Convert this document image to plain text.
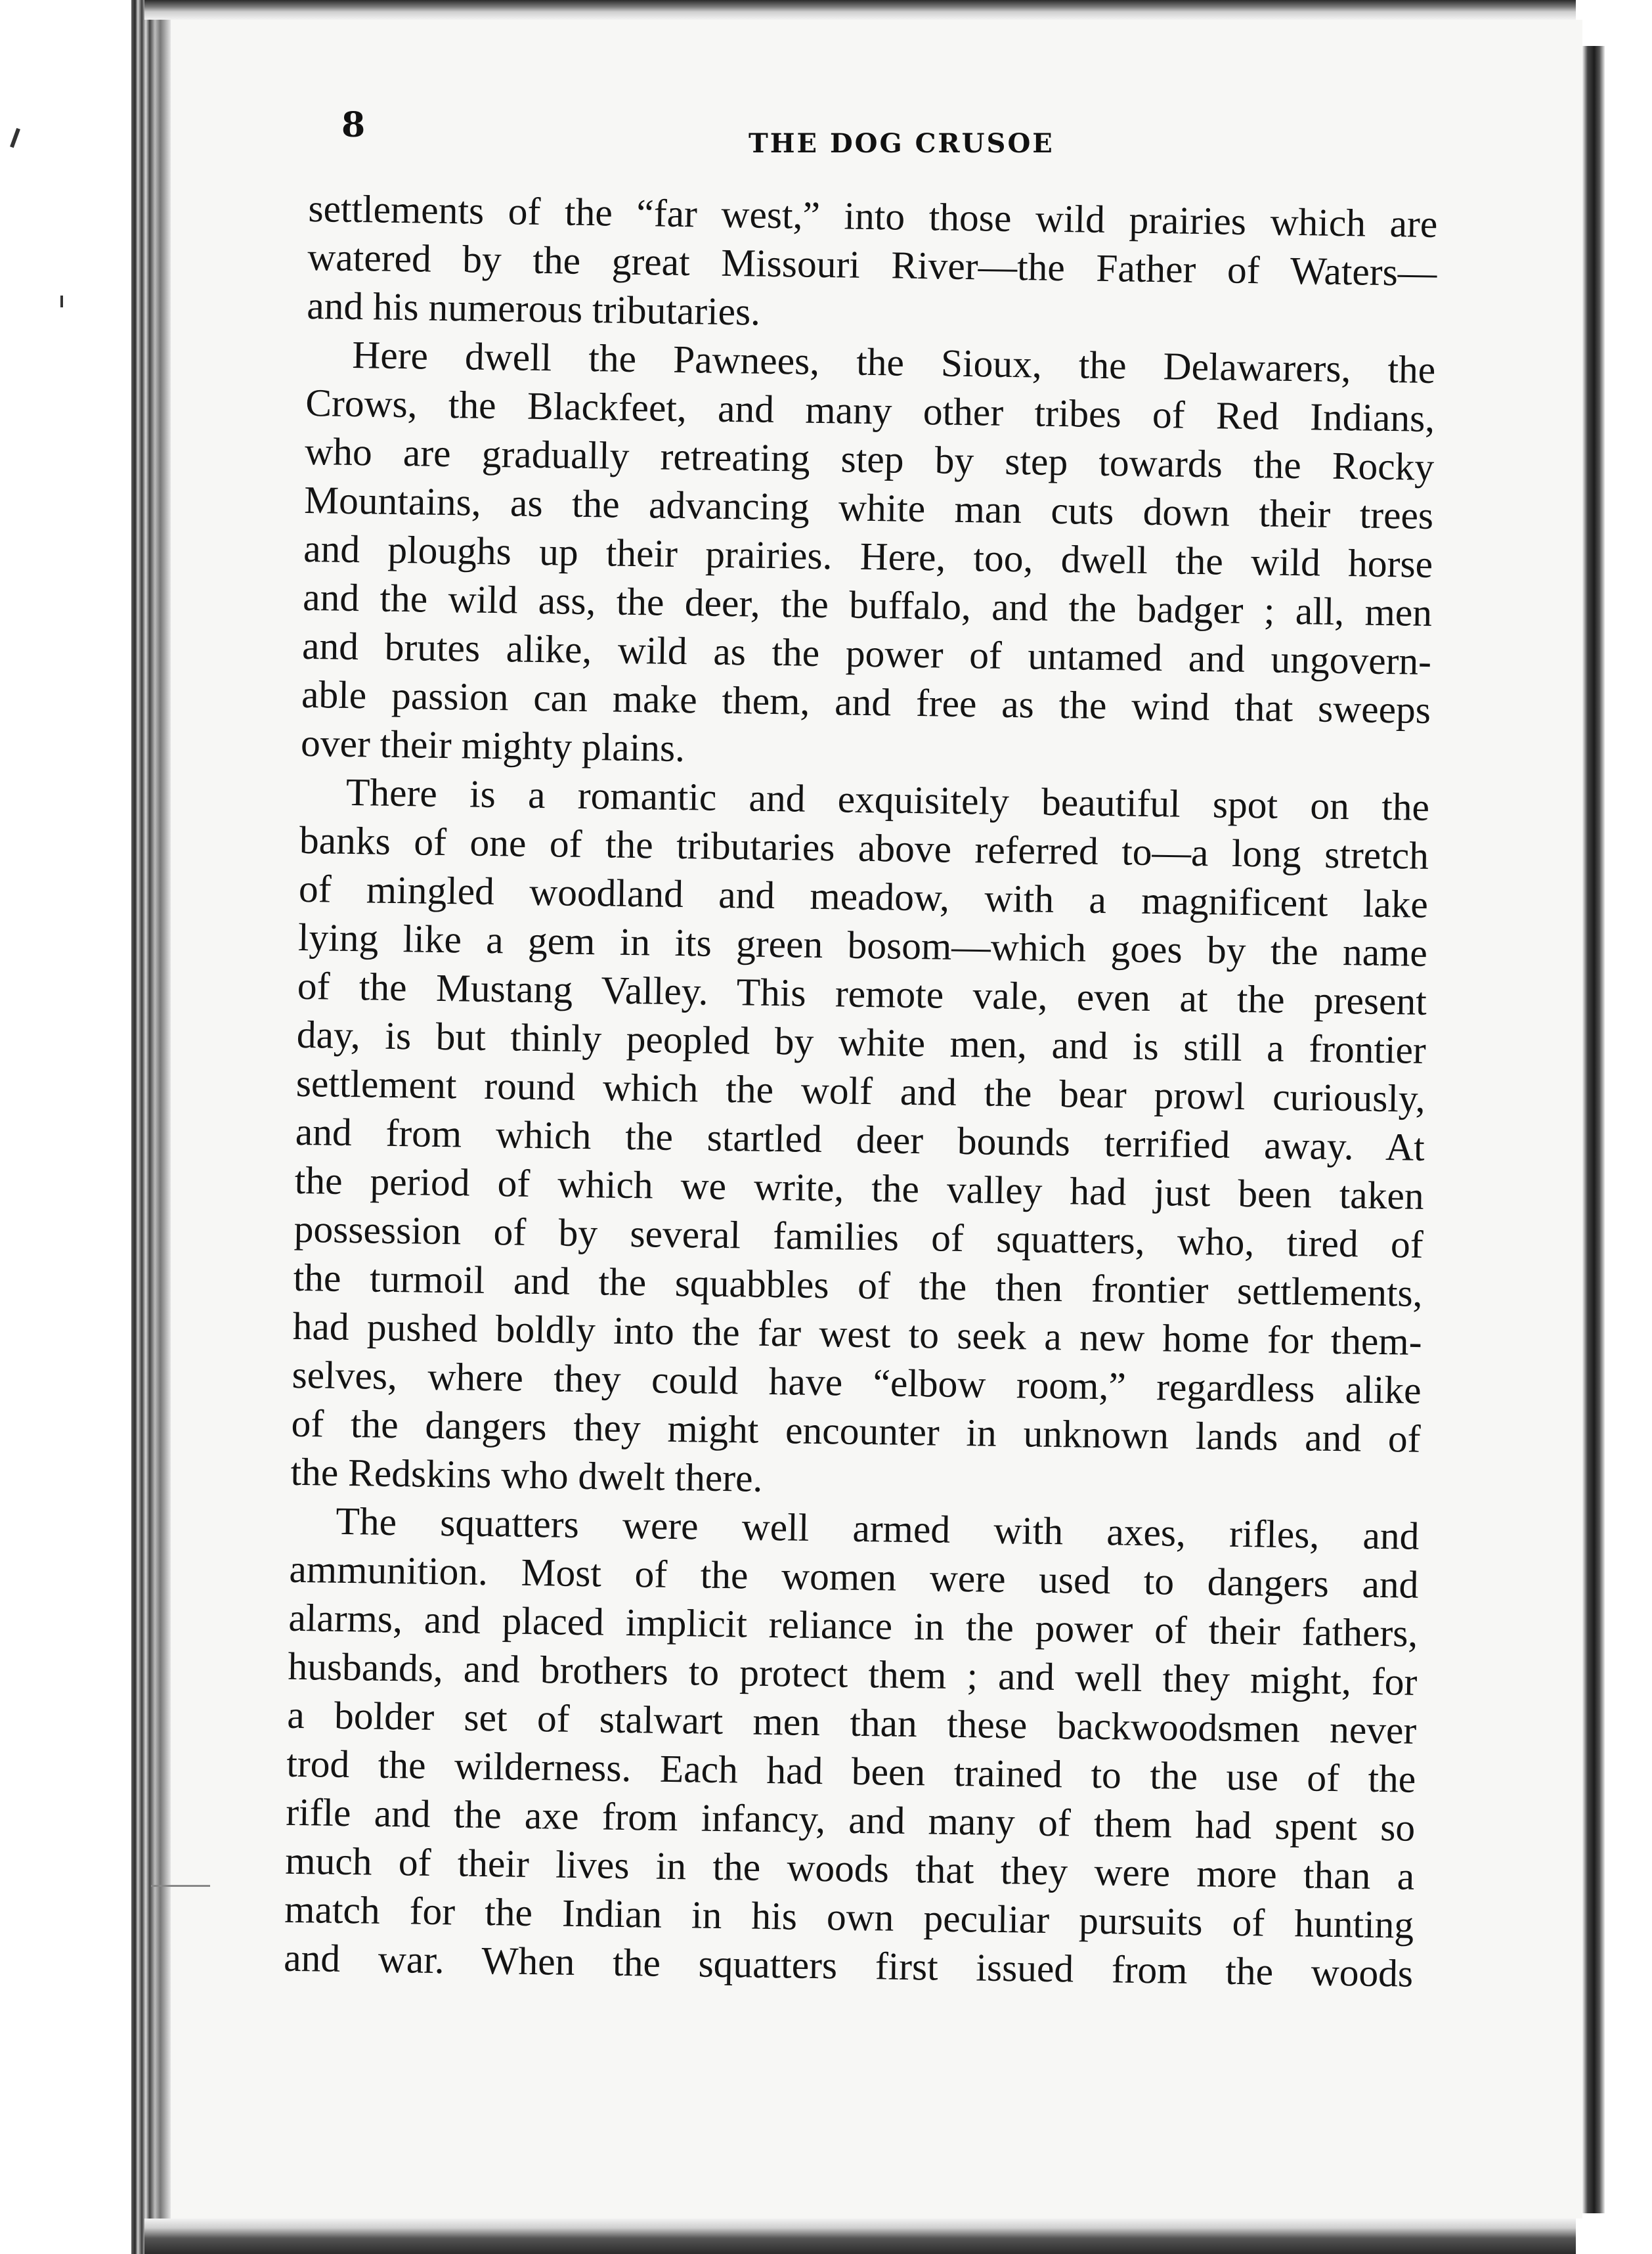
8	THE DOG CRUSOE

settlements of the “far west,” into those wild prairies which are
watered by the great Missouri River—the Father of Waters—
and his numerous tributaries.

Here dwell the Pawnees, the Sioux, the Delawarers, the
Crows, the Blackfeet, and many other tribes of Red Indians,
who are gradually retreating step by step towards the Rocky
Mountains, as the advancing white man cuts down their trees
and ploughs up their prairies. Here, too, dwell the wild horse
and the wild ass, the deer, the buffalo, and the badger ; all, men
and brutes alike, wild as the power of untamed and ungovern-
able passion can make them, and free as the wind that sweeps
over their mighty plains.

There is a romantic and exquisitely beautiful spot on the
banks of one of the tributaries above referred to—a long stretch
of mingled woodland and meadow, with a magnificent lake
lying like a gem in its green bosom—which goes by the name
of the Mustang Valley. This remote vale, even at the present
day, is but thinly peopled by white men, and is still a frontier
settlement round which the wolf and the bear prowl curiously,
and from which the startled deer bounds terrified away. At
the period of which we write, the valley had just been taken
possession of by several families of squatters, who, tired of
the turmoil and the squabbles of the then frontier settlements,
had pushed boldly into the far west to seek a new home for them-
selves, where they could have “elbow room,” regardless alike
of the dangers they might encounter in unknown lands and of
the Redskins who dwelt there.

The squatters were well armed with axes, rifles, and
ammunition. Most of the women were used to dangers and
alarms, and placed implicit reliance in the power of their fathers,
husbands, and brothers to protect them ; and well they might, for
a bolder set of stalwart men than these backwoodsmen never
trod the wilderness. Each had been trained to the use of the
rifle and the axe from infancy, and many of them had spent so
much of their lives in the woods that they were more than a
match for the Indian in his own peculiar pursuits of hunting
and war. When the squatters first issued from the woods
